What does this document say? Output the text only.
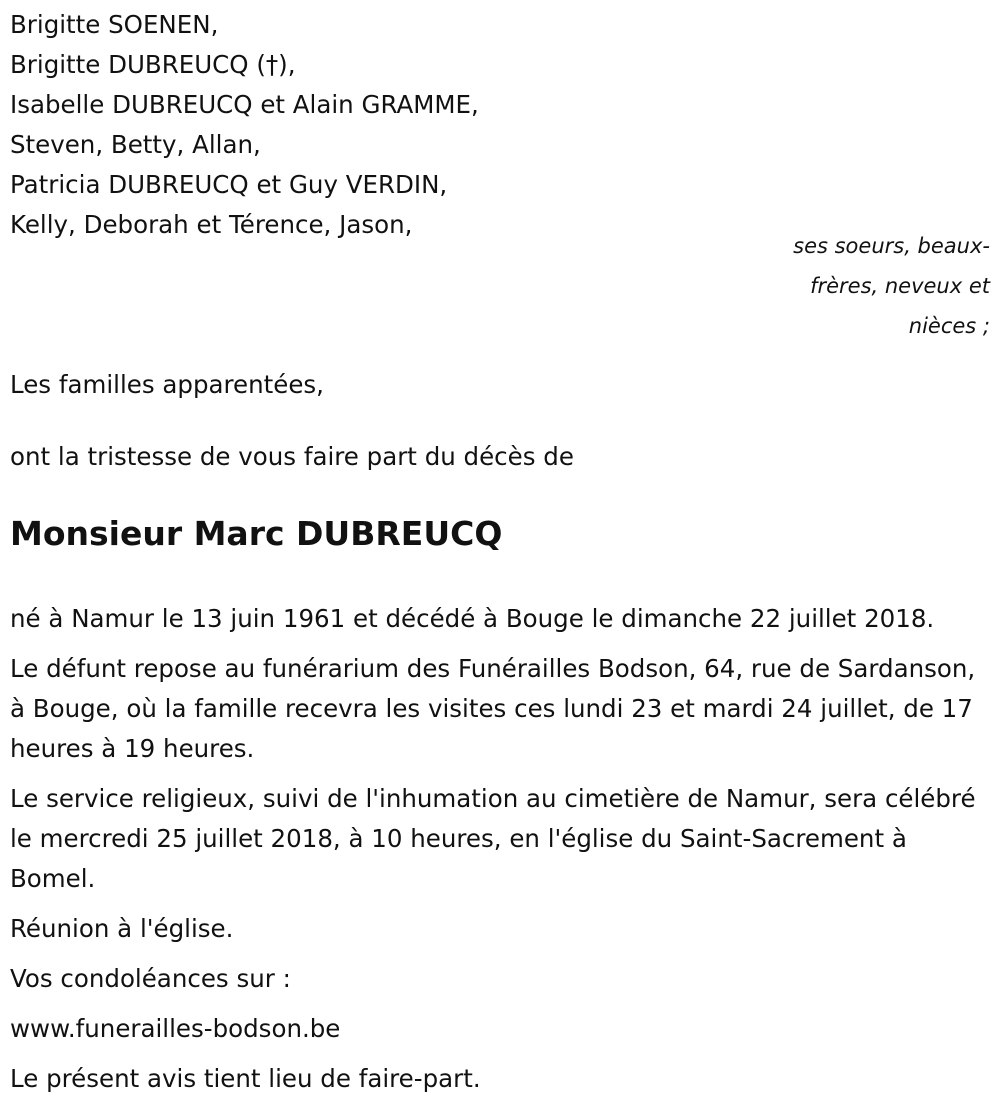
Brigitte SOENEN,

Brigitte DUBREUCQ (†),

Isabelle DUBREUCQ et Alain GRAMME,

Steven, Betty, Allan,

Patricia DUBREUCQ et Guy VERDIN,

Kelly, Deborah et Térence, Jason,

ses soeurs, beaux-
frères, neveux et
nièces ;

Les familles apparentées,

ont la tristesse de vous faire part du décès de

Monsieur Marc DUBREUCQ

né à Namur le 13 juin 1961 et décédé à Bouge le dimanche 22 juillet 2018.

Le défunt repose au funérarium des Funérailles Bodson, 64, rue de Sardanson, à Bouge, où la famille recevra les visites ces lundi 23 et mardi 24 juillet, de 17 heures à 19 heures.

Le service religieux, suivi de l'inhumation au cimetière de Namur, sera célébré le mercredi 25 juillet 2018, à 10 heures, en l'église du Saint-Sacrement à Bomel.

Réunion à l'église.

Vos condoléances sur :

www.funerailles-bodson.be

Le présent avis tient lieu de faire-part.
